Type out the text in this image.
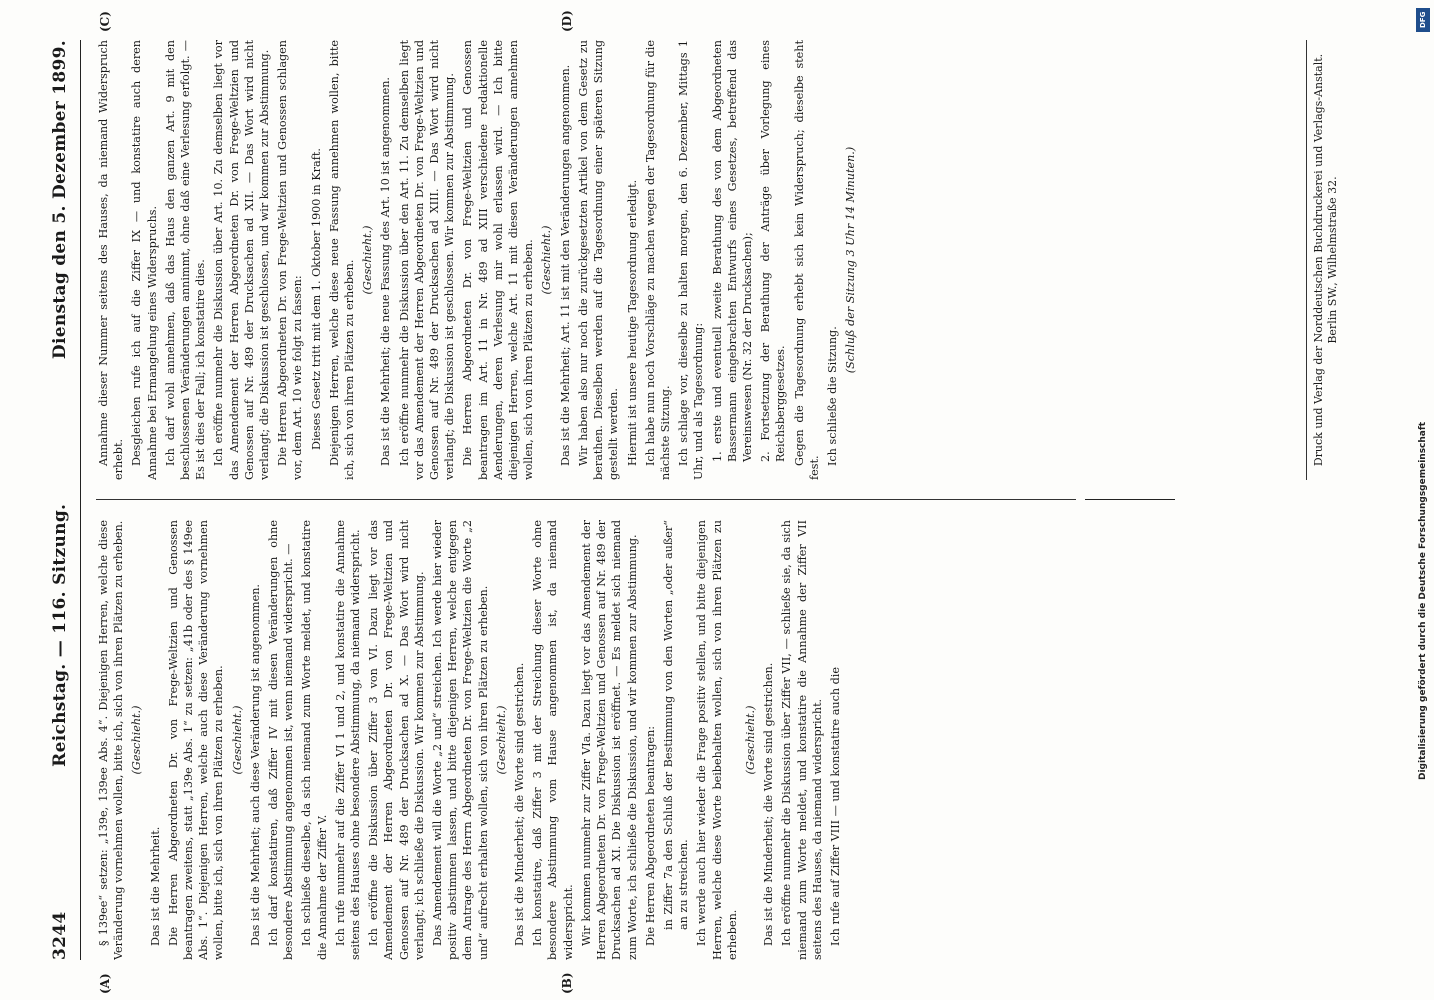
3244
Reichstag. — 116. Sitzung.
Dienstag den 5. Dezember 1899.
(A)	(B)
(C)	(D)

§ 139ee“ setzen: „139e, 139ee Abs. 4“. Diejenigen Herren, welche diese Veränderung vornehmen wollen, bitte ich, sich von ihren Plätzen zu erheben. (Geschieht.)

Das ist die Mehrheit. Die Herren Abgeordneten Dr. von Frege-Weltzien und Genossen beantragen zweitens, statt „139e Abs. 1“ zu setzen: „41b oder des § 149ee Abs. 1“. Diejenigen Herren, welche auch diese Veränderung vornehmen wollen, bitte ich, sich von ihren Plätzen zu erheben. (Geschieht.) Das ist die Mehrheit; auch diese Veränderung ist angenommen. Ich darf konstatiren, daß Ziffer IV mit diesen Veränderungen ohne besondere Abstimmung angenommen ist, wenn niemand widerspricht. — Ich schließe dieselbe, da sich niemand zum Worte meldet, und konstatire die Annahme der Ziffer V. Ich rufe nunmehr auf die Ziffer VI 1 und 2, und konstatire die Annahme seitens des Hauses ohne besondere Abstimmung, da niemand widerspricht. Ich eröffne die Diskussion über Ziffer 3 von VI. Dazu liegt vor das Amendement der Herren Abgeordneten Dr. von Frege-Weltzien und Genossen auf Nr. 489 der Drucksachen ad X. — Das Wort wird nicht verlangt; ich schließe die Diskussion. Wir kommen zur Abstimmung. Das Amendement will die Worte „2 und“ streichen. Ich werde hier wieder positiv abstimmen lassen, und bitte diejenigen Herren, welche entgegen dem Antrage des Herrn Abgeordneten Dr. von Frege-Weltzien die Worte „2 und“ aufrecht erhalten wollen, sich von ihren Plätzen zu erheben. (Geschieht.) Das ist die Minderheit; die Worte sind gestrichen. Ich konstatire, daß Ziffer 3 mit der Streichung dieser Worte ohne besondere Abstimmung vom Hause angenommen ist, da niemand widerspricht. Wir kommen nunmehr zur Ziffer VIa. Dazu liegt vor das Amendement der Herren Abgeordneten Dr. von Frege-Weltzien und Genossen auf Nr. 489 der Drucksachen ad XI. Die Diskussion ist eröffnet. — Es meldet sich niemand zum Worte, ich schließe die Diskussion, und wir kommen zur Abstimmung. Die Herren Abgeordneten beantragen: in Ziffer 7a den Schluß der Bestimmung von den Worten „oder außer“ an zu streichen. Ich werde auch hier wieder die Frage positiv stellen, und bitte diejenigen Herren, welche diese Worte beibehalten wollen, sich von ihren Plätzen zu erheben.

(Geschieht.) Das ist die Minderheit; die Worte sind gestrichen. Ich eröffne nunmehr die Diskussion über Ziffer VII, — schließe sie, da sich niemand zum Worte meldet, und konstatire die Annahme der Ziffer VII seitens des Hauses, da niemand widerspricht. Ich rufe auf Ziffer VIII — und konstatire auch die

Annahme dieser Nummer seitens des Hauses, da niemand Widerspruch erhebt. Desgleichen rufe ich auf die Ziffer IX — und konstatire auch deren Annahme bei Ermangelung eines Widerspruchs. Ich darf wohl annehmen, daß das Haus den ganzen Art. 9 mit den beschlossenen Veränderungen annimmt, ohne daß eine Verlesung erfolgt. — Es ist dies der Fall; ich konstatire dies. Ich eröffne nunmehr die Diskussion über Art. 10. Zu demselben liegt vor das Amendement der Herren Abgeordneten Dr. von Frege-Weltzien und Genossen auf Nr. 489 der Drucksachen ad XII. — Das Wort wird nicht verlangt; die Diskussion ist geschlossen, und wir kommen zur Abstimmung. Die Herren Abgeordneten Dr. von Frege-Weltzien und Genossen schlagen vor, dem Art. 10 wie folgt zu fassen: Dieses Gesetz tritt mit dem 1. Oktober 1900 in Kraft. Diejenigen Herren, welche diese neue Fassung annehmen wollen, bitte ich, sich von ihren Plätzen zu erheben. (Geschieht.) Das ist die Mehrheit; die neue Fassung des Art. 10 ist angenommen. Ich eröffne nunmehr die Diskussion über den Art. 11. Zu demselben liegt vor das Amendement der Herren Abgeordneten Dr. von Frege-Weltzien und Genossen auf Nr. 489 der Drucksachen ad XIII. — Das Wort wird nicht verlangt; die Diskussion ist geschlossen. Wir kommen zur Abstimmung. Die Herren Abgeordneten Dr. von Frege-Weltzien und Genossen beantragen im Art. 11 in Nr. 489 ad XIII verschiedene redaktionelle Aenderungen, deren Verlesung mir wohl erlassen wird. — Ich bitte diejenigen Herren, welche Art. 11 mit diesen Veränderungen annehmen wollen, sich von ihren Plätzen zu erheben. (Geschieht.) Das ist die Mehrheit; Art. 11 ist mit den Veränderungen angenommen. Wir haben also nur noch die zurückgesetzten Artikel von dem Gesetz zu berathen. Dieselben werden auf die Tagesordnung einer späteren Sitzung gestellt werden. Hiermit ist unsere heutige Tagesordnung erledigt. Ich habe nun noch Vorschläge zu machen wegen der Tagesordnung für die nächste Sitzung. Ich schlage vor, dieselbe zu halten morgen, den 6. Dezember, Mittags 1 Uhr, und als Tagesordnung: 1. erste und eventuell zweite Berathung des von dem Abgeordneten Bassermann eingebrachten Entwurfs eines Gesetzes, betreffend das Vereinswesen (Nr. 32 der Drucksachen); 2. Fortsetzung der Berathung der Anträge über Vorlegung eines Reichsberggesetzes. Gegen die Tagesordnung erhebt sich kein Widerspruch; dieselbe steht fest.

Ich schließe die Sitzung.

(Schluß der Sitzung 3 Uhr 14 Minuten.)	Druck und Verlag der Norddeutschen Buchdruckerei und Verlags-Anstalt. Berlin SW., Wilhelmstraße 32.
DFG
Digitalisierung gefördert durch die Deutsche Forschungsgemeinschaft
